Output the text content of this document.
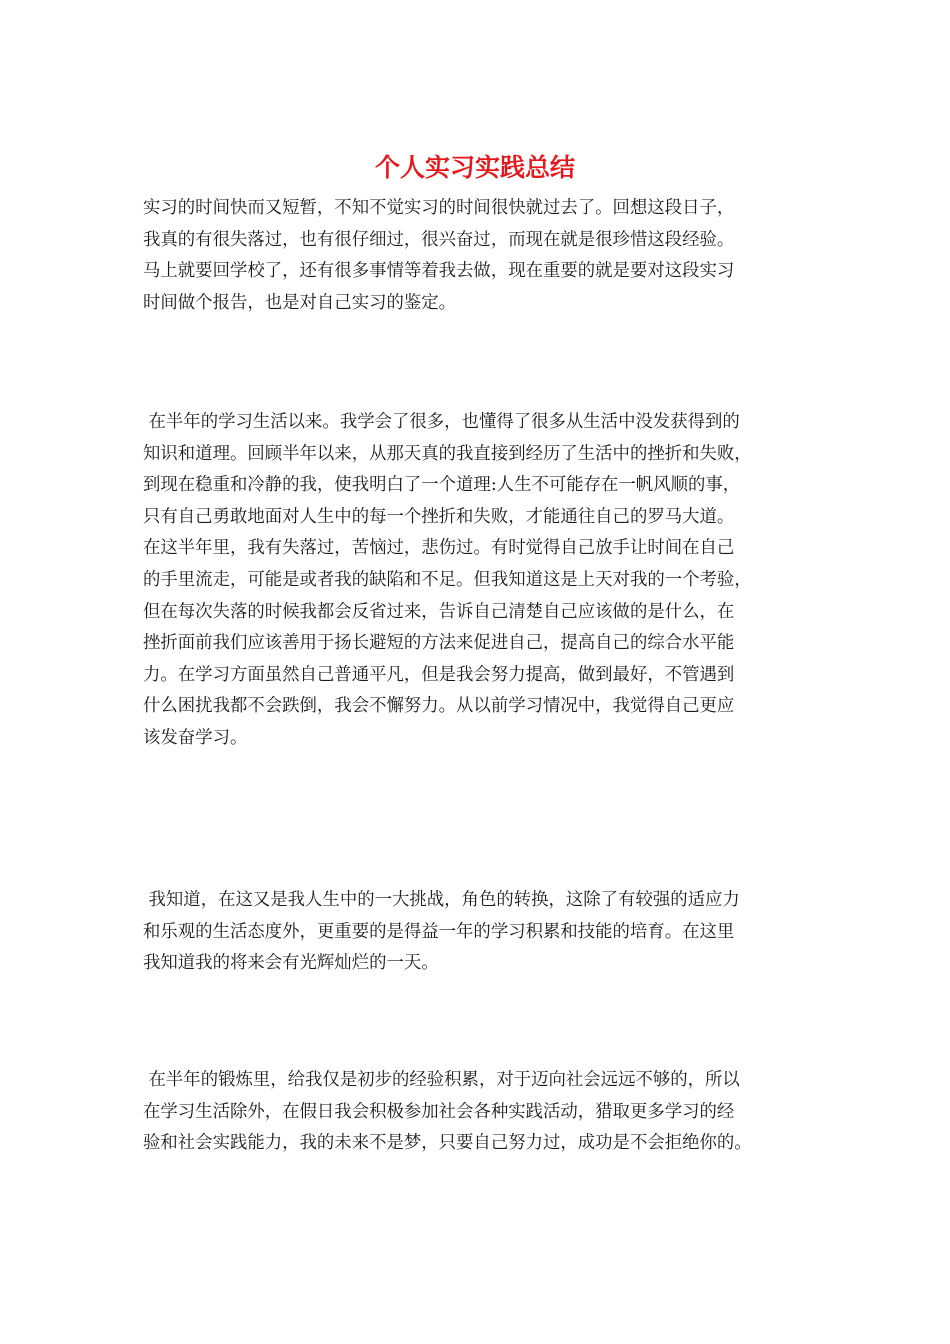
个人实习实践总结
实习的时间快而又短暂，不知不觉实习的时间很快就过去了。回想这段日子，
我真的有很失落过，也有很仔细过，很兴奋过，而现在就是很珍惜这段经验。
马上就要回学校了，还有很多事情等着我去做，现在重要的就是要对这段实习
时间做个报告，也是对自己实习的鉴定。
在半年的学习生活以来。我学会了很多，也懂得了很多从生活中没发获得到的
知识和道理。回顾半年以来，从那天真的我直接到经历了生活中的挫折和失败，
到现在稳重和冷静的我，使我明白了一个道理:人生不可能存在一帆风顺的事，
只有自己勇敢地面对人生中的每一个挫折和失败，才能通往自己的罗马大道。
在这半年里，我有失落过，苦恼过，悲伤过。有时觉得自己放手让时间在自己
的手里流走，可能是或者我的缺陷和不足。但我知道这是上天对我的一个考验，
但在每次失落的时候我都会反省过来，告诉自己清楚自己应该做的是什么，在
挫折面前我们应该善用于扬长避短的方法来促进自己，提高自己的综合水平能
力。在学习方面虽然自己普通平凡，但是我会努力提高，做到最好，不管遇到
什么困扰我都不会跌倒，我会不懈努力。从以前学习情况中，我觉得自己更应
该发奋学习。
我知道，在这又是我人生中的一大挑战，角色的转换，这除了有较强的适应力
和乐观的生活态度外，更重要的是得益一年的学习积累和技能的培育。在这里
我知道我的将来会有光辉灿烂的一天。
在半年的锻炼里，给我仅是初步的经验积累，对于迈向社会远远不够的，所以
在学习生活除外，在假日我会积极参加社会各种实践活动，猎取更多学习的经
验和社会实践能力，我的未来不是梦，只要自己努力过，成功是不会拒绝你的。
